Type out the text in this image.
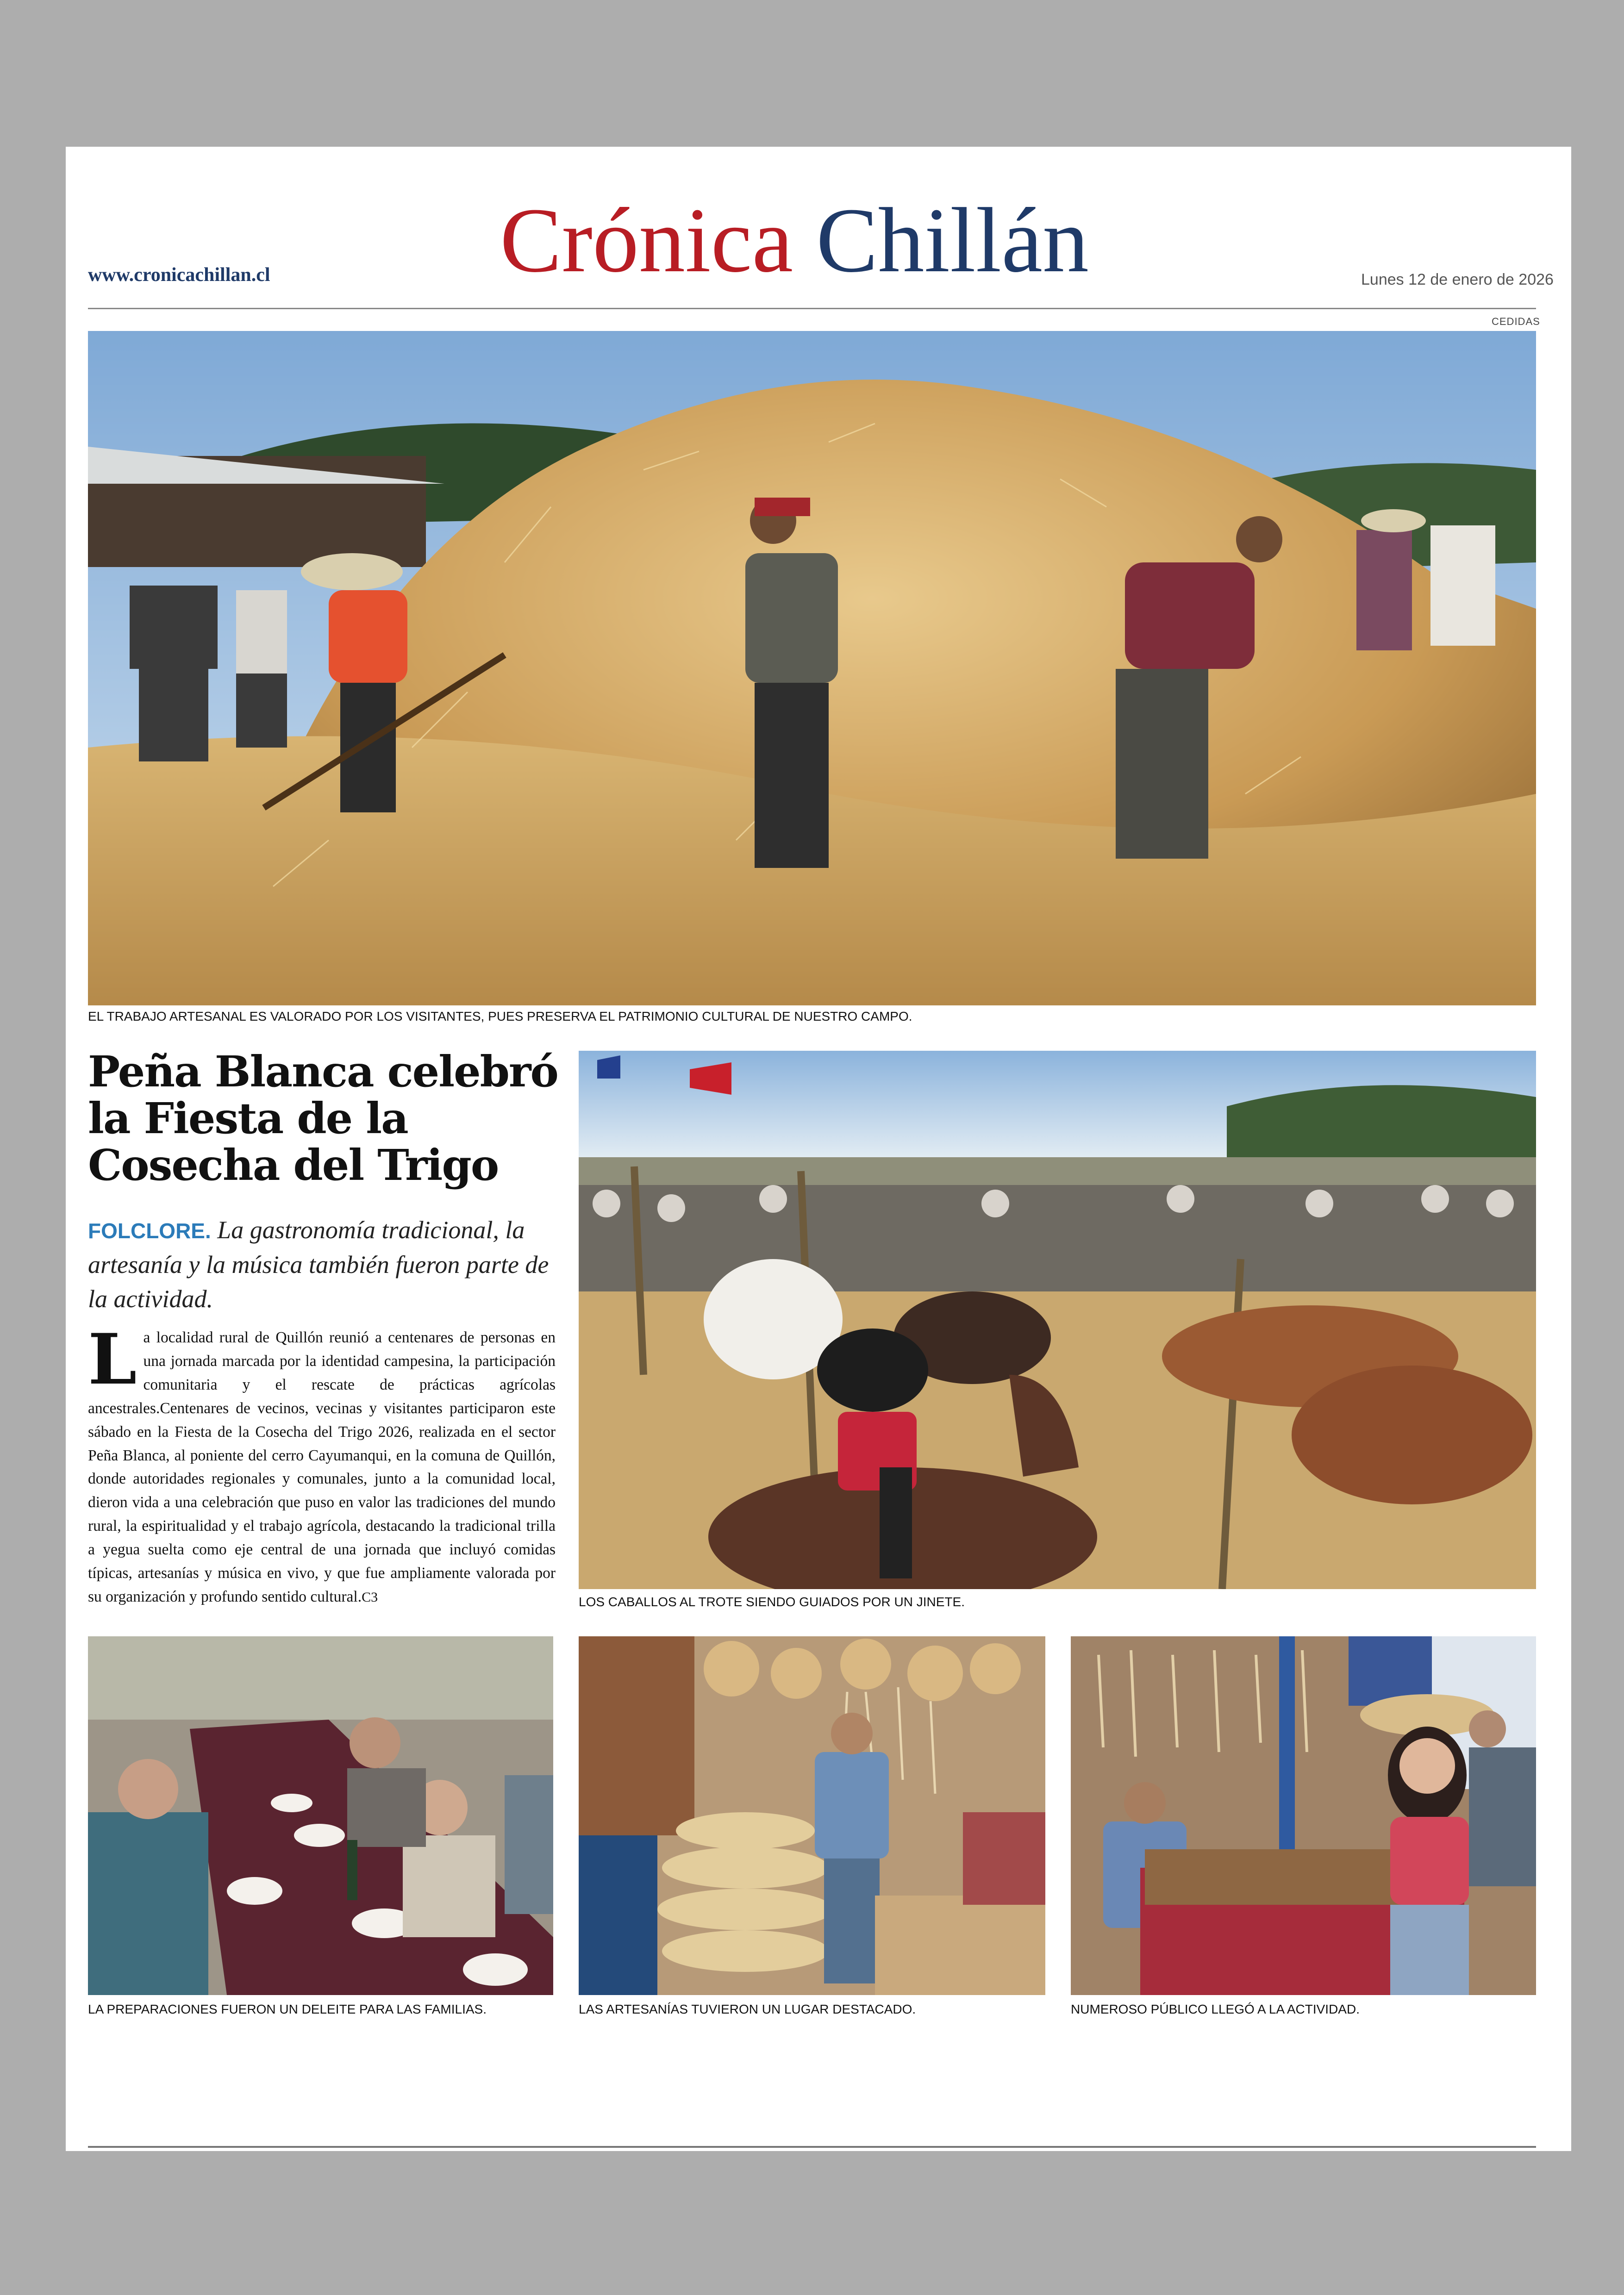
www.cronicachillan.cl Crónica Chillán	Lunes 12 de enero de 2026
CEDIDAS
EL TRABAJO ARTESANAL ES VALORADO POR LOS VISITANTES, PUES PRESERVA EL PATRIMONIO CULTURAL DE NUESTRO CAMPO.
Peña Blanca celebró la Fiesta de la Cosecha del Trigo
FOLCLORE. La gastronomía tradicional, la artesanía y la música también fueron parte de la actividad.
La localidad rural de Quillón reunió a centenares de personas en una jornada marcada por la identidad campesina, la participación comunitaria y el rescate de prácticas agrícolas ancestrales.Centenares de vecinos, vecinas y visitantes participaron este sábado en la Fiesta de la Cosecha del Trigo 2026, realizada en el sector Peña Blanca, al poniente del cerro Cayumanqui, en la comuna de Quillón, donde autoridades regionales y comunales, junto a la comunidad local, dieron vida a una celebración que puso en valor las tradiciones del mundo rural, la espiritualidad y el trabajo agrícola, destacando la tradicional trilla a yegua suelta como eje central de una jornada que incluyó comidas típicas, artesanías y música en vivo, y que fue ampliamente valorada por su organización y profundo sentido cultural.C3	LOS CABALLOS AL TROTE SIENDO GUIADOS POR UN JINETE.
LA PREPARACIONES FUERON UN DELEITE PARA LAS FAMILIAS.	LAS ARTESANÍAS TUVIERON UN LUGAR DESTACADO.	NUMEROSO PÚBLICO LLEGÓ A LA ACTIVIDAD.
